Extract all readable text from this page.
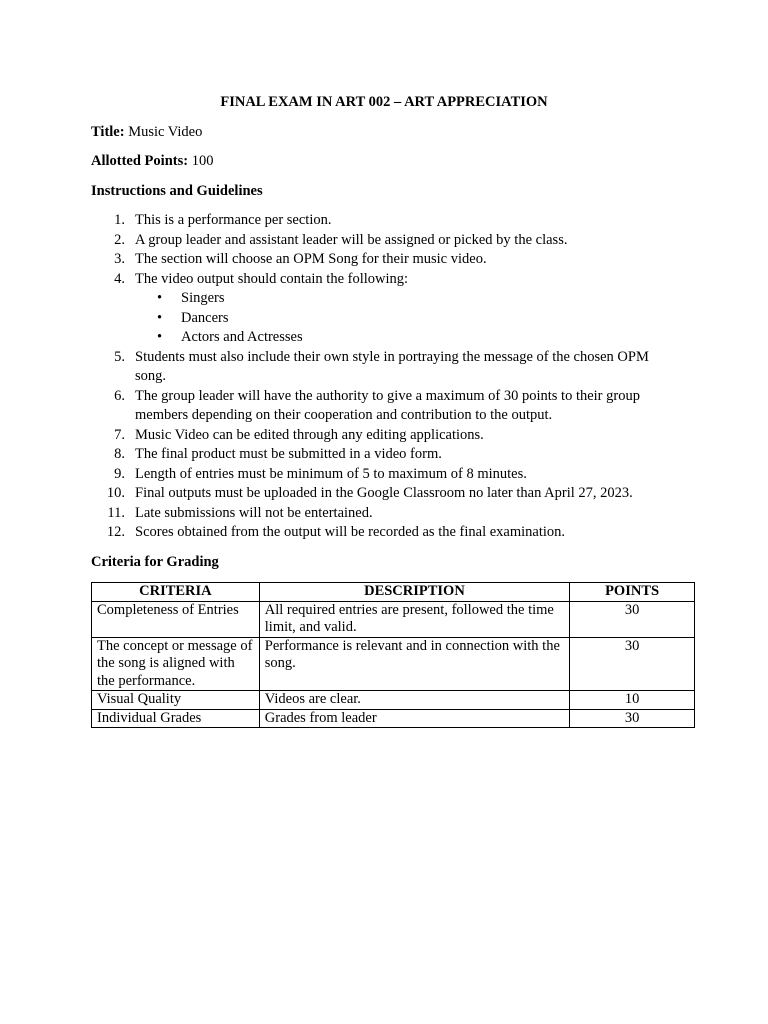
FINAL EXAM IN ART 002 – ART APPRECIATION
Title: Music Video
Allotted Points: 100
Instructions and Guidelines
1. This is a performance per section.
2. A group leader and assistant leader will be assigned or picked by the class.
3. The section will choose an OPM Song for their music video.
4. The video output should contain the following:
• Singers
• Dancers
• Actors and Actresses
5. Students must also include their own style in portraying the message of the chosen OPM song.
6. The group leader will have the authority to give a maximum of 30 points to their group members depending on their cooperation and contribution to the output.
7. Music Video can be edited through any editing applications.
8. The final product must be submitted in a video form.
9. Length of entries must be minimum of 5 to maximum of 8 minutes.
10. Final outputs must be uploaded in the Google Classroom no later than April 27, 2023.
11. Late submissions will not be entertained.
12. Scores obtained from the output will be recorded as the final examination.
Criteria for Grading
CRITERIA	DESCRIPTION	POINTS
Completeness of Entries	All required entries are present, followed the time limit, and valid.	30
The concept or message of the song is aligned with the performance.	Performance is relevant and in connection with the song.	30
Visual Quality	Videos are clear.	10
Individual Grades	Grades from leader	30
